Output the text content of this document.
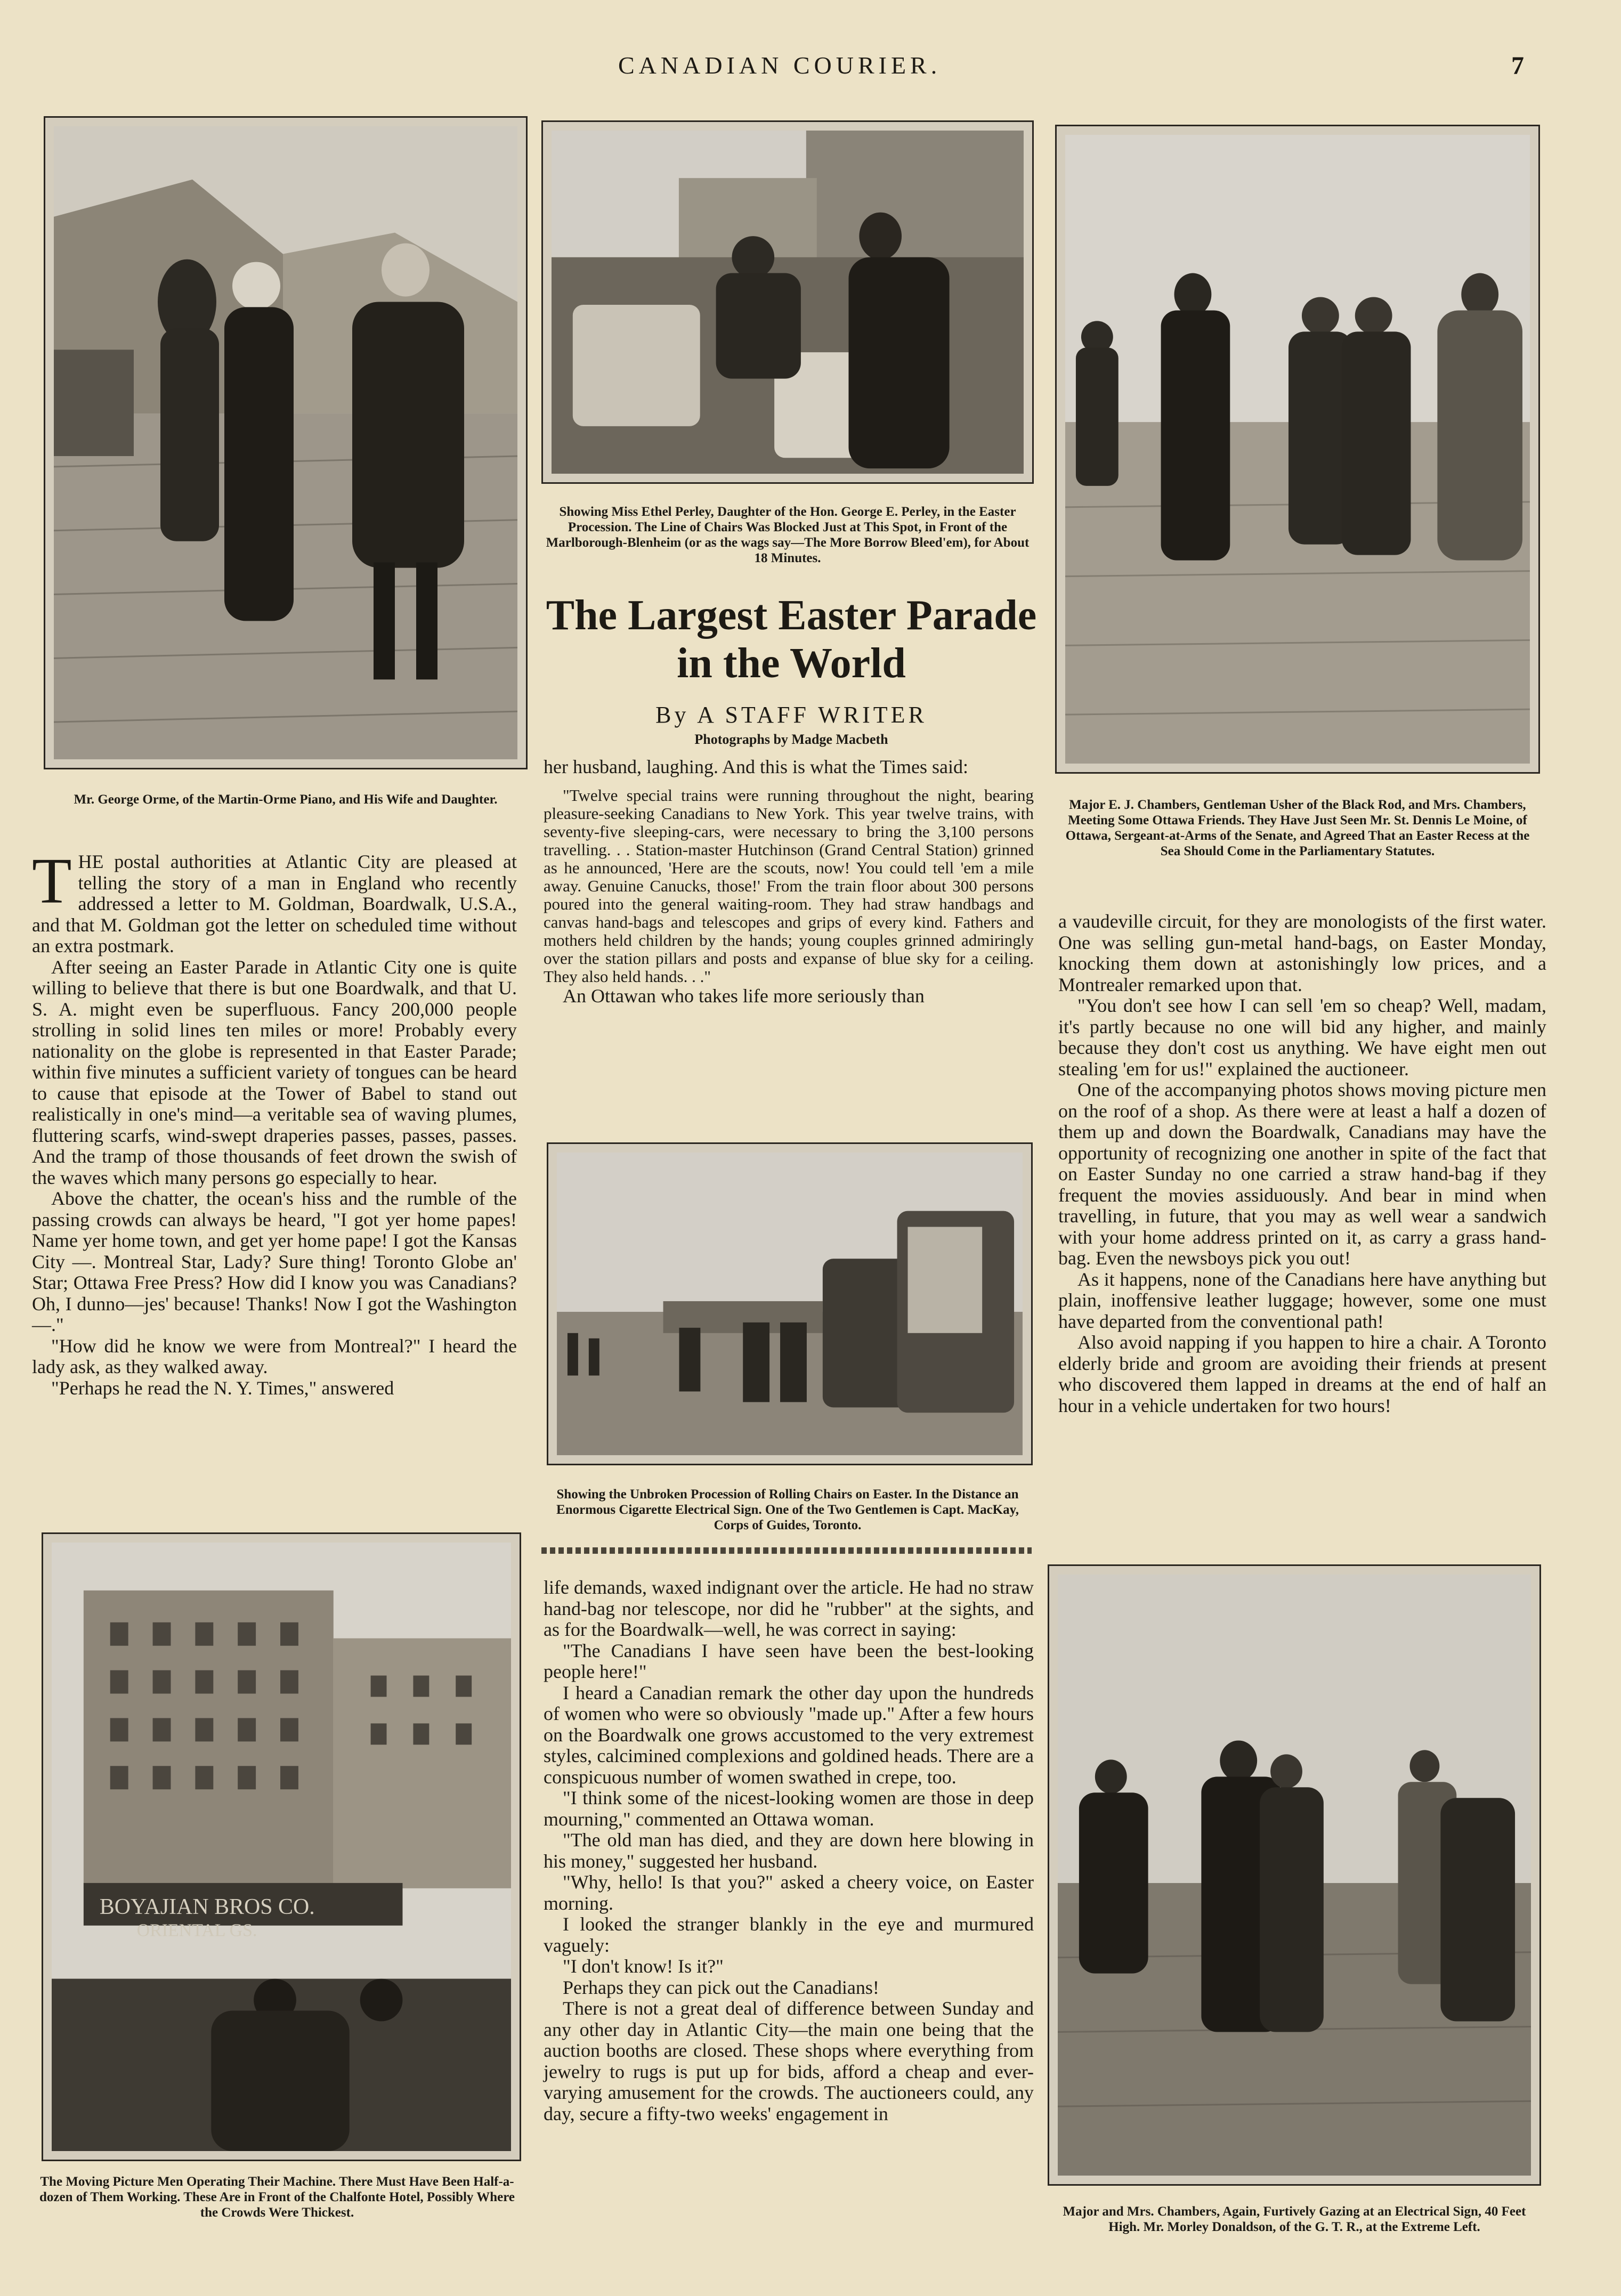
CANADIAN COURIER.	7
Mr. George Orme, of the Martin-Orme Piano, and His Wife and Daughter.
Showing Miss Ethel Perley, Daughter of the Hon. George E. Perley, in the Easter Procession. The Line of Chairs Was Blocked Just at This Spot, in Front of the Marlborough-Blenheim (or as the wags say—The More Borrow Bleed'em), for About 18 Minutes.
Major E. J. Chambers, Gentleman Usher of the Black Rod, and Mrs. Chambers, Meeting Some Ottawa Friends. They Have Just Seen Mr. St. Dennis Le Moine, of Ottawa, Sergeant-at-Arms of the Senate, and Agreed That an Easter Recess at the Sea Should Come in the Parliamentary Statutes.
The Largest Easter Parade in the World
By A STAFF WRITER
Photographs by Madge Macbeth

THE postal authorities at Atlantic City are pleased at telling the story of a man in England who recently addressed a letter to M. Goldman, Boardwalk, U.S.A., and that M. Goldman got the letter on scheduled time without an extra postmark.

After seeing an Easter Parade in Atlantic City one is quite willing to believe that there is but one Boardwalk, and that U. S. A. might even be superfluous. Fancy 200,000 people strolling in solid lines ten miles or more! Probably every nationality on the globe is represented in that Easter Parade; within five minutes a sufficient variety of tongues can be heard to cause that episode at the Tower of Babel to stand out realistically in one's mind—a veritable sea of waving plumes, fluttering scarfs, wind-swept draperies passes, passes, passes. And the tramp of those thousands of feet drown the swish of the waves which many persons go especially to hear.

Above the chatter, the ocean's hiss and the rumble of the passing crowds can always be heard, "I got yer home papes! Name yer home town, and get yer home pape! I got the Kansas City —. Montreal Star, Lady? Sure thing! Toronto Globe an' Star; Ottawa Free Press? How did I know you was Canadians? Oh, I dunno—jes' because! Thanks! Now I got the Washington —."

"How did he know we were from Montreal?" I heard the lady ask, as they walked away.

"Perhaps he read the N. Y. Times," answered

BOYAJIAN BROS CO.
ORIENTAL GS.
The Moving Picture Men Operating Their Machine. There Must Have Been Half-a-dozen of Them Working. These Are in Front of the Chalfonte Hotel, Possibly Where the Crowds Were Thickest.

her husband, laughing. And this is what the Times said:

"Twelve special trains were running throughout the night, bearing pleasure-seeking Canadians to New York. This year twelve trains, with seventy-five sleeping-cars, were necessary to bring the 3,100 persons travelling. . . Station-master Hutchinson (Grand Central Station) grinned as he announced, 'Here are the scouts, now! You could tell 'em a mile away. Genuine Canucks, those!' From the train floor about 300 persons poured into the general waiting-room. They had straw handbags and canvas hand-bags and telescopes and grips of every kind. Fathers and mothers held children by the hands; young couples grinned admiringly over the station pillars and posts and expanse of blue sky for a ceiling. They also held hands. . ."

An Ottawan who takes life more seriously than

Showing the Unbroken Procession of Rolling Chairs on Easter. In the Distance an Enormous Cigarette Electrical Sign. One of the Two Gentlemen is Capt. MacKay, Corps of Guides, Toronto.

life demands, waxed indignant over the article. He had no straw hand-bag nor telescope, nor did he "rubber" at the sights, and as for the Boardwalk—well, he was correct in saying:

"The Canadians I have seen have been the best-looking people here!"

I heard a Canadian remark the other day upon the hundreds of women who were so obviously "made up." After a few hours on the Boardwalk one grows accustomed to the very extremest styles, calcimined complexions and goldined heads. There are a conspicuous number of women swathed in crepe, too.

"I think some of the nicest-looking women are those in deep mourning," commented an Ottawa woman.

"The old man has died, and they are down here blowing in his money," suggested her husband.

"Why, hello! Is that you?" asked a cheery voice, on Easter morning.

I looked the stranger blankly in the eye and murmured vaguely:

"I don't know! Is it?"

Perhaps they can pick out the Canadians!

There is not a great deal of difference between Sunday and any other day in Atlantic City—the main one being that the auction booths are closed. These shops where everything from jewelry to rugs is put up for bids, afford a cheap and ever-varying amusement for the crowds. The auctioneers could, any day, secure a fifty-two weeks' engagement in

a vaudeville circuit, for they are monologists of the first water. One was selling gun-metal hand-bags, on Easter Monday, knocking them down at astonishingly low prices, and a Montrealer remarked upon that.

"You don't see how I can sell 'em so cheap? Well, madam, it's partly because no one will bid any higher, and mainly because they don't cost us anything. We have eight men out stealing 'em for us!" explained the auctioneer.

One of the accompanying photos shows moving picture men on the roof of a shop. As there were at least a half a dozen of them up and down the Boardwalk, Canadians may have the opportunity of recognizing one another in spite of the fact that on Easter Sunday no one carried a straw hand-bag if they frequent the movies assiduously. And bear in mind when travelling, in future, that you may as well wear a sandwich with your home address printed on it, as carry a grass hand-bag. Even the newsboys pick you out!

As it happens, none of the Canadians here have anything but plain, inoffensive leather luggage; however, some one must have departed from the conventional path!

Also avoid napping if you happen to hire a chair. A Toronto elderly bride and groom are avoiding their friends at present who discovered them lapped in dreams at the end of half an hour in a vehicle undertaken for two hours!

Major and Mrs. Chambers, Again, Furtively Gazing at an Electrical Sign, 40 Feet High. Mr. Morley Donaldson, of the G. T. R., at the Extreme Left.
